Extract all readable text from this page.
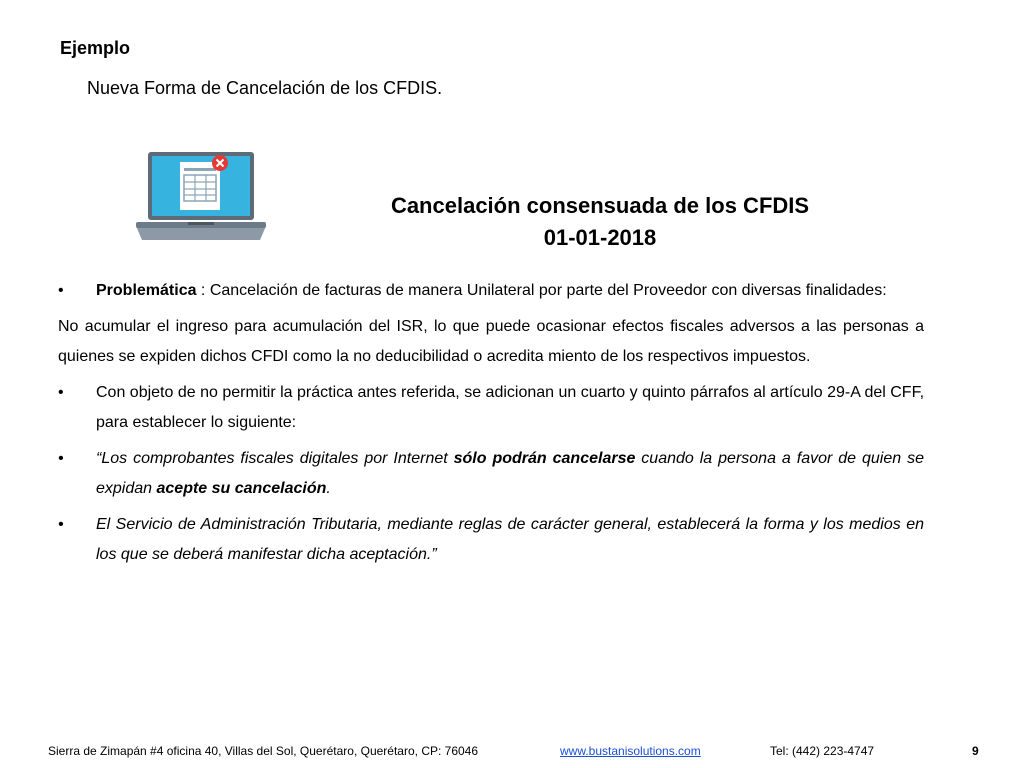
Ejemplo
Nueva Forma de Cancelación de los CFDIS.
Cancelación consensuada de los CFDIS
01-01-2018
•	Problemática : Cancelación de facturas de manera Unilateral por parte del Proveedor con diversas finalidades:
No acumular el ingreso para acumulación del ISR, lo que puede ocasionar efectos fiscales adversos a las personas a quienes se expiden dichos CFDI como la no deducibilidad o acredita miento de los respectivos impuestos.
•	Con objeto de no permitir la práctica antes referida, se adicionan un cuarto y quinto párrafos al artículo 29-A del CFF, para establecer lo siguiente:
•	“Los comprobantes fiscales digitales por Internet sólo podrán cancelarse cuando la persona a favor de quien se expidan acepte su cancelación.
•	El Servicio de Administración Tributaria, mediante reglas de carácter general, establecerá la forma y los medios en los que se deberá manifestar dicha aceptación.”
Sierra de Zimapán #4 oficina 40, Villas del Sol, Querétaro, Querétaro, CP: 76046	www.bustanisolutions.com	Tel: (442) 223-4747	9
